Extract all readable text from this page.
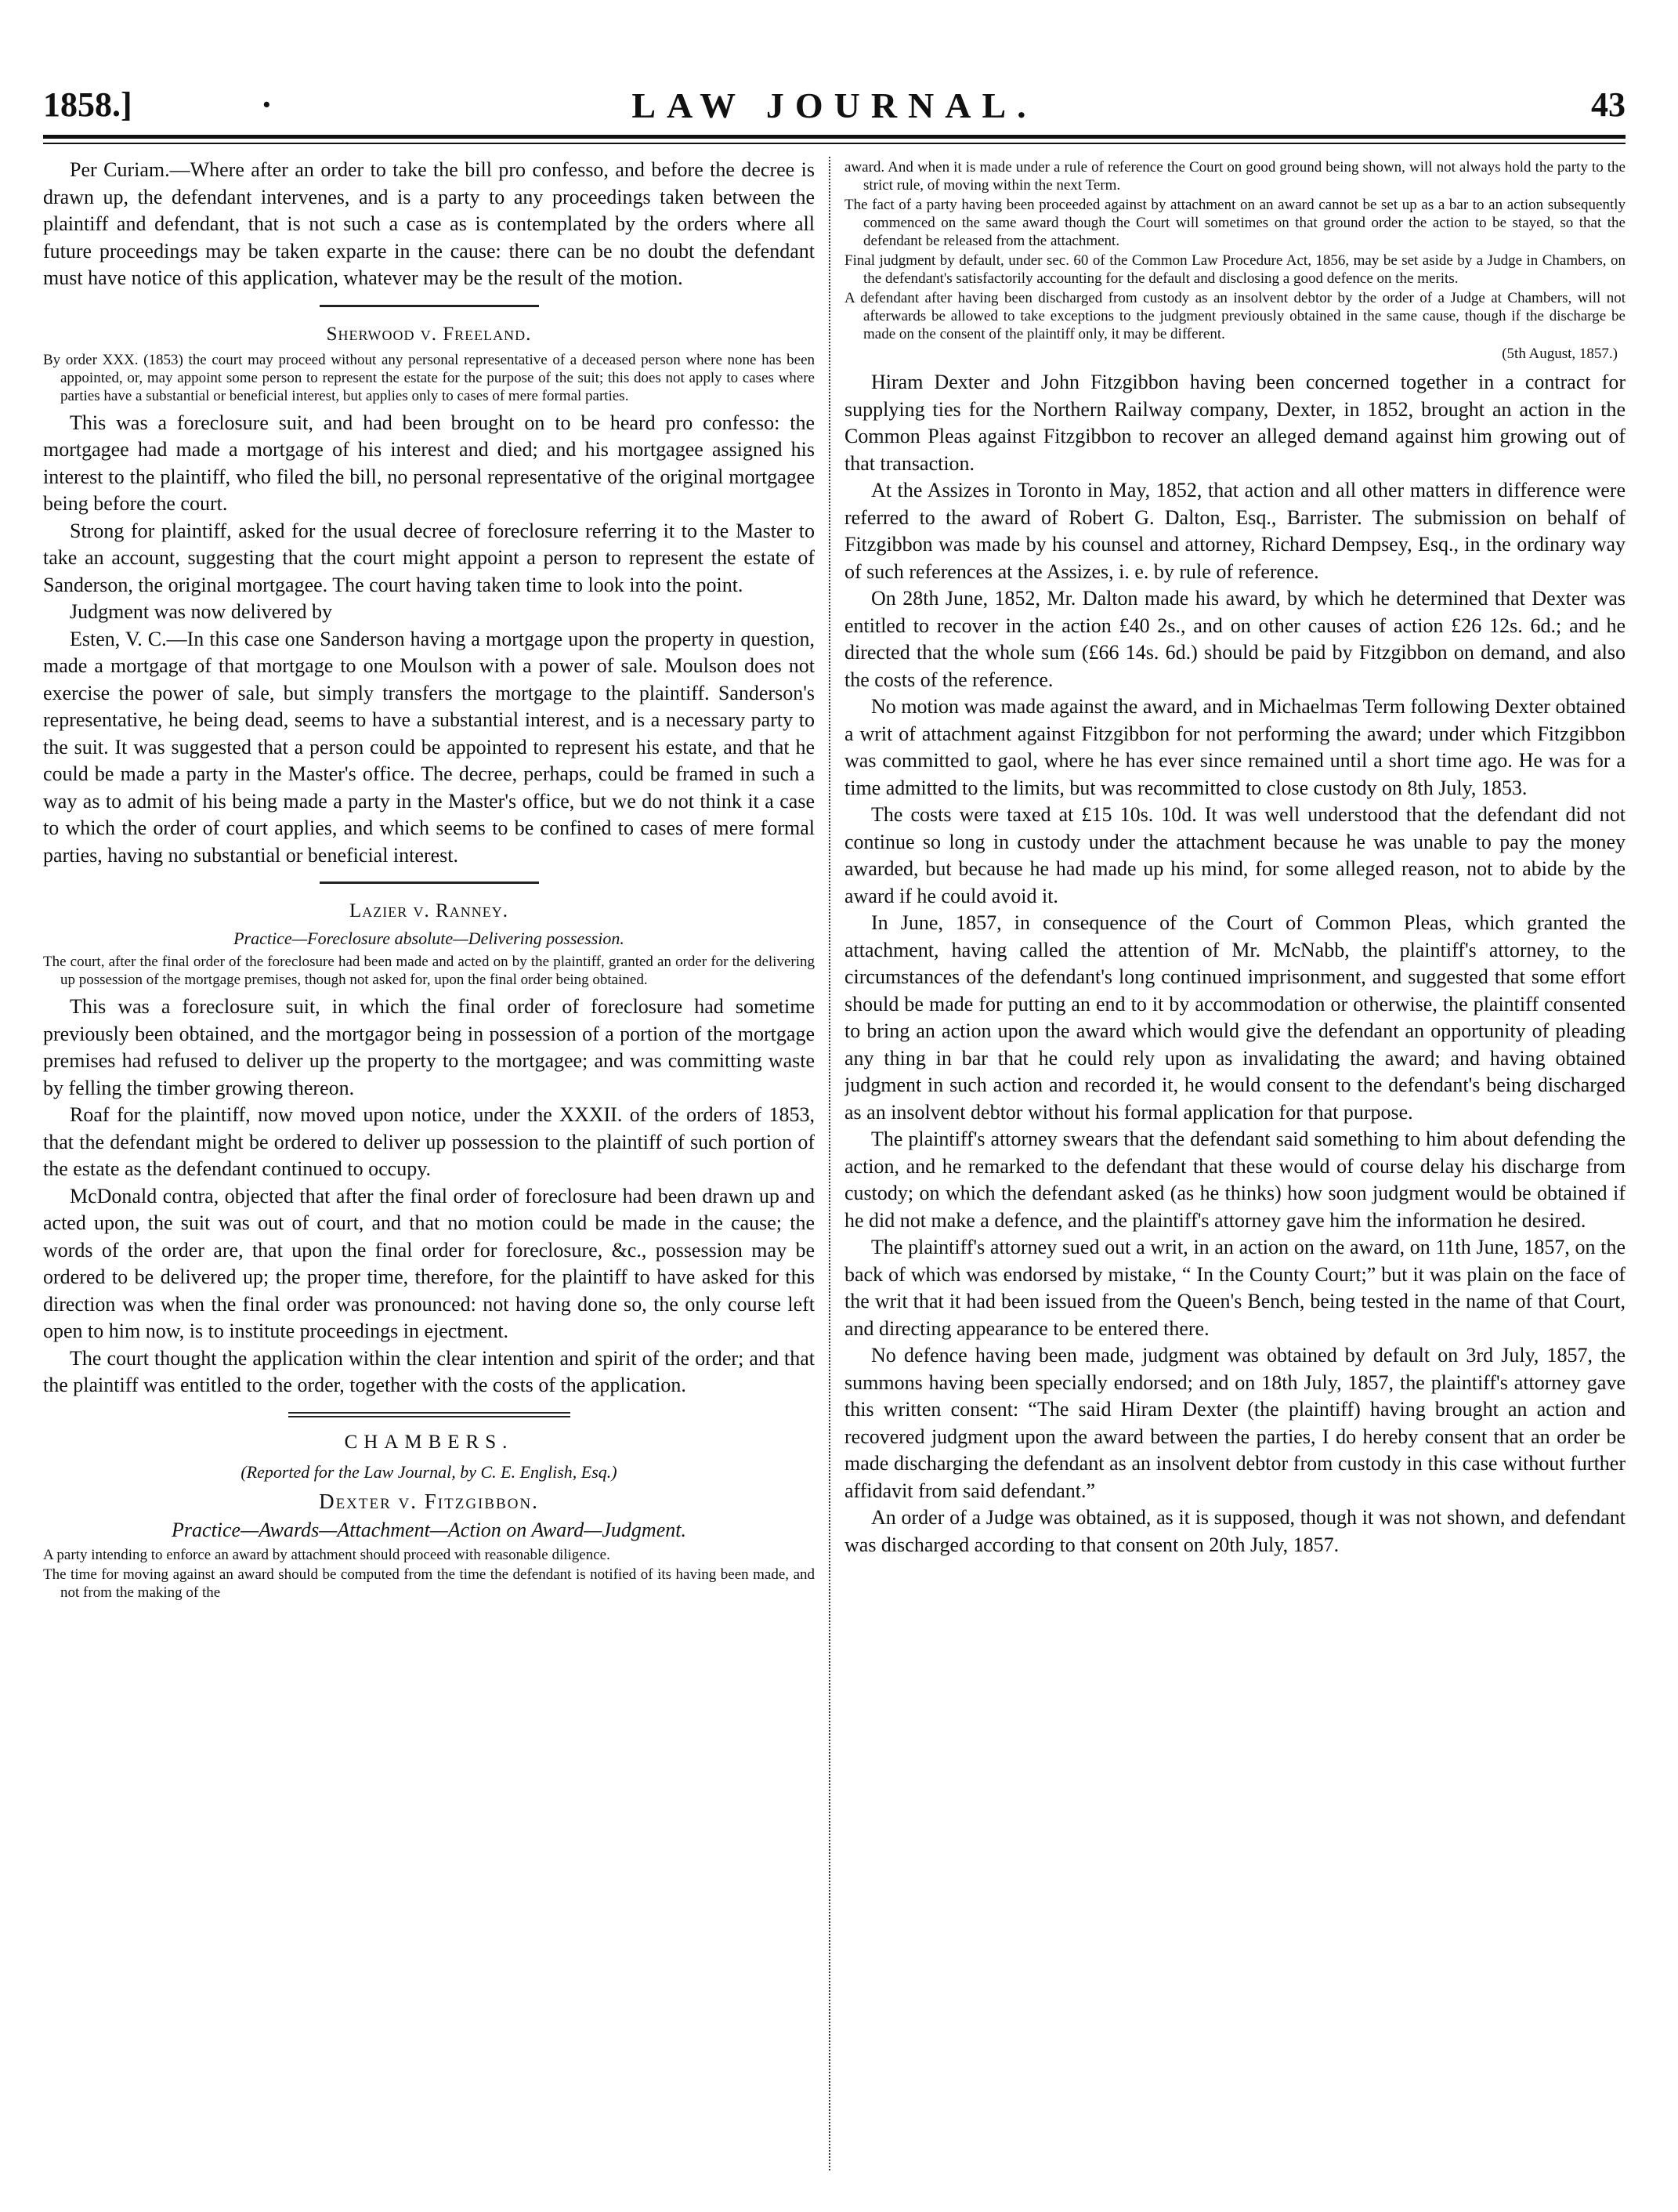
1858.]	·	LAW JOURNAL.	43

Per Curiam.—Where after an order to take the bill pro confesso, and before the decree is drawn up, the defendant intervenes, and is a party to any proceedings taken between the plaintiff and defendant, that is not such a case as is contemplated by the orders where all future proceedings may be taken exparte in the cause: there can be no doubt the defendant must have notice of this application, whatever may be the result of the motion.

Sherwood v. Freeland.

By order XXX. (1853) the court may proceed without any personal representative of a deceased person where none has been appointed, or, may appoint some person to represent the estate for the purpose of the suit; this does not apply to cases where parties have a substantial or beneficial interest, but applies only to cases of mere formal parties.

This was a foreclosure suit, and had been brought on to be heard pro confesso: the mortgagee had made a mortgage of his interest and died; and his mortgagee assigned his interest to the plaintiff, who filed the bill, no personal representative of the original mortgagee being before the court.

Strong for plaintiff, asked for the usual decree of foreclosure referring it to the Master to take an account, suggesting that the court might appoint a person to represent the estate of Sanderson, the original mortgagee. The court having taken time to look into the point.

Judgment was now delivered by

Esten, V. C.—In this case one Sanderson having a mortgage upon the property in question, made a mortgage of that mortgage to one Moulson with a power of sale. Moulson does not exercise the power of sale, but simply transfers the mortgage to the plaintiff. Sanderson's representative, he being dead, seems to have a substantial interest, and is a necessary party to the suit. It was suggested that a person could be appointed to represent his estate, and that he could be made a party in the Master's office. The decree, perhaps, could be framed in such a way as to admit of his being made a party in the Master's office, but we do not think it a case to which the order of court applies, and which seems to be confined to cases of mere formal parties, having no substantial or beneficial interest.

Lazier v. Ranney.
Practice—Foreclosure absolute—Delivering possession.

The court, after the final order of the foreclosure had been made and acted on by the plaintiff, granted an order for the delivering up possession of the mortgage premises, though not asked for, upon the final order being obtained.

This was a foreclosure suit, in which the final order of foreclosure had sometime previously been obtained, and the mortgagor being in possession of a portion of the mortgage premises had refused to deliver up the property to the mortgagee; and was committing waste by felling the timber growing thereon.

Roaf for the plaintiff, now moved upon notice, under the XXXII. of the orders of 1853, that the defendant might be ordered to deliver up possession to the plaintiff of such portion of the estate as the defendant continued to occupy.

McDonald contra, objected that after the final order of foreclosure had been drawn up and acted upon, the suit was out of court, and that no motion could be made in the cause; the words of the order are, that upon the final order for foreclosure, &c., possession may be ordered to be delivered up; the proper time, therefore, for the plaintiff to have asked for this direction was when the final order was pronounced: not having done so, the only course left open to him now, is to institute proceedings in ejectment.

The court thought the application within the clear intention and spirit of the order; and that the plaintiff was entitled to the order, together with the costs of the application.

CHAMBERS.
(Reported for the Law Journal, by C. E. English, Esq.)
Dexter v. Fitzgibbon.
Practice—Awards—Attachment—Action on Award—Judgment.

A party intending to enforce an award by attachment should proceed with reasonable diligence.

The time for moving against an award should be computed from the time the defendant is notified of its having been made, and not from the making of the

award. And when it is made under a rule of reference the Court on good ground being shown, will not always hold the party to the strict rule, of moving within the next Term.

The fact of a party having been proceeded against by attachment on an award cannot be set up as a bar to an action subsequently commenced on the same award though the Court will sometimes on that ground order the action to be stayed, so that the defendant be released from the attachment.

Final judgment by default, under sec. 60 of the Common Law Procedure Act, 1856, may be set aside by a Judge in Chambers, on the defendant's satisfactorily accounting for the default and disclosing a good defence on the merits.

A defendant after having been discharged from custody as an insolvent debtor by the order of a Judge at Chambers, will not afterwards be allowed to take exceptions to the judgment previously obtained in the same cause, though if the discharge be made on the consent of the plaintiff only, it may be different.

(5th August, 1857.)

Hiram Dexter and John Fitzgibbon having been concerned together in a contract for supplying ties for the Northern Railway company, Dexter, in 1852, brought an action in the Common Pleas against Fitzgibbon to recover an alleged demand against him growing out of that transaction.

At the Assizes in Toronto in May, 1852, that action and all other matters in difference were referred to the award of Robert G. Dalton, Esq., Barrister. The submission on behalf of Fitzgibbon was made by his counsel and attorney, Richard Dempsey, Esq., in the ordinary way of such references at the Assizes, i. e. by rule of reference.

On 28th June, 1852, Mr. Dalton made his award, by which he determined that Dexter was entitled to recover in the action £40 2s., and on other causes of action £26 12s. 6d.; and he directed that the whole sum (£66 14s. 6d.) should be paid by Fitzgibbon on demand, and also the costs of the reference.

No motion was made against the award, and in Michaelmas Term following Dexter obtained a writ of attachment against Fitzgibbon for not performing the award; under which Fitzgibbon was committed to gaol, where he has ever since remained until a short time ago. He was for a time admitted to the limits, but was recommitted to close custody on 8th July, 1853.

The costs were taxed at £15 10s. 10d. It was well understood that the defendant did not continue so long in custody under the attachment because he was unable to pay the money awarded, but because he had made up his mind, for some alleged reason, not to abide by the award if he could avoid it.

In June, 1857, in consequence of the Court of Common Pleas, which granted the attachment, having called the attention of Mr. McNabb, the plaintiff's attorney, to the circumstances of the defendant's long continued imprisonment, and suggested that some effort should be made for putting an end to it by accommodation or otherwise, the plaintiff consented to bring an action upon the award which would give the defendant an opportunity of pleading any thing in bar that he could rely upon as invalidating the award; and having obtained judgment in such action and recorded it, he would consent to the defendant's being discharged as an insolvent debtor without his formal application for that purpose.

The plaintiff's attorney swears that the defendant said something to him about defending the action, and he remarked to the defendant that these would of course delay his discharge from custody; on which the defendant asked (as he thinks) how soon judgment would be obtained if he did not make a defence, and the plaintiff's attorney gave him the information he desired.

The plaintiff's attorney sued out a writ, in an action on the award, on 11th June, 1857, on the back of which was endorsed by mistake, “ In the County Court;” but it was plain on the face of the writ that it had been issued from the Queen's Bench, being tested in the name of that Court, and directing appearance to be entered there.

No defence having been made, judgment was obtained by default on 3rd July, 1857, the summons having been specially endorsed; and on 18th July, 1857, the plaintiff's attorney gave this written consent: “The said Hiram Dexter (the plaintiff) having brought an action and recovered judgment upon the award between the parties, I do hereby consent that an order be made discharging the defendant as an insolvent debtor from custody in this case without further affidavit from said defendant.”

An order of a Judge was obtained, as it is supposed, though it was not shown, and defendant was discharged according to that consent on 20th July, 1857.
